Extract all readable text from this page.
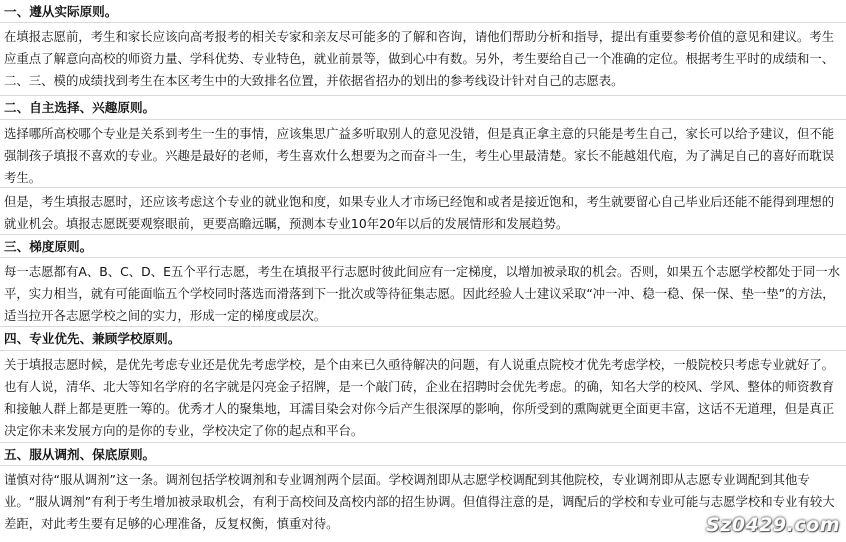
一、遵从实际原则。
在填报志愿前，考生和家长应该向高考报考的相关专家和亲友尽可能多的了解和咨询，请他们帮助分析和指导，提出有重要参考价值的意见和建议。考生应重点了解意向高校的师资力量、学科优势、专业特色，就业前景等，做到心中有数。另外，考生要给自己一个准确的定位。根据考生平时的成绩和一、二、三、模的成绩找到考生在本区考生中的大致排名位置，并依据省招办的划出的参考线设计针对自己的志愿表。
二、自主选择、兴趣原则。
选择哪所高校哪个专业是关系到考生一生的事情，应该集思广益多听取别人的意见没错，但是真正拿主意的只能是考生自己，家长可以给予建议，但不能强制孩子填报不喜欢的专业。兴趣是最好的老师，考生喜欢什么想要为之而奋斗一生，考生心里最清楚。家长不能越俎代庖，为了满足自己的喜好而耽误考生。
但是，考生填报志愿时，还应该考虑这个专业的就业饱和度，如果专业人才市场已经饱和或者是接近饱和，考生就要留心自己毕业后还能不能得到理想的就业机会。填报志愿既要观察眼前，更要高瞻远瞩，预测本专业10年20年以后的发展情形和发展趋势。
三、梯度原则。
每一志愿都有A、B、C、D、E五个平行志愿，考生在填报平行志愿时彼此间应有一定梯度，以增加被录取的机会。否则，如果五个志愿学校都处于同一水平，实力相当，就有可能面临五个学校同时落选而滑落到下一批次或等待征集志愿。因此经验人士建议采取“冲一冲、稳一稳、保一保、垫一垫”的方法，适当拉开各志愿学校之间的实力，形成一定的梯度或层次。
四、专业优先、兼顾学校原则。
关于填报志愿时候，是优先考虑专业还是优先考虑学校，是个由来已久亟待解决的问题，有人说重点院校才优先考虑学校，一般院校只考虑专业就好了。也有人说，清华、北大等知名学府的名字就是闪亮金子招牌，是一个敲门砖，企业在招聘时会优先考虑。的确，知名大学的校风、学风、整体的师资教育和接触人群上都是更胜一筹的。优秀才人的聚集地，耳濡目染会对你今后产生很深厚的影响，你所受到的熏陶就更全面更丰富，这话不无道理，但是真正决定你未来发展方向的是你的专业，学校决定了你的起点和平台。
五、服从调剂、保底原则。
谨慎对待“服从调剂”这一条。调剂包括学校调剂和专业调剂两个层面。学校调剂即从志愿学校调配到其他院校，专业调剂即从志愿专业调配到其他专业。“服从调剂”有利于考生增加被录取机会，有利于高校间及高校内部的招生协调。但值得注意的是，调配后的学校和专业可能与志愿学校和专业有较大差距，对此考生要有足够的心理准备，反复权衡，慎重对待。	Sz0429.com
